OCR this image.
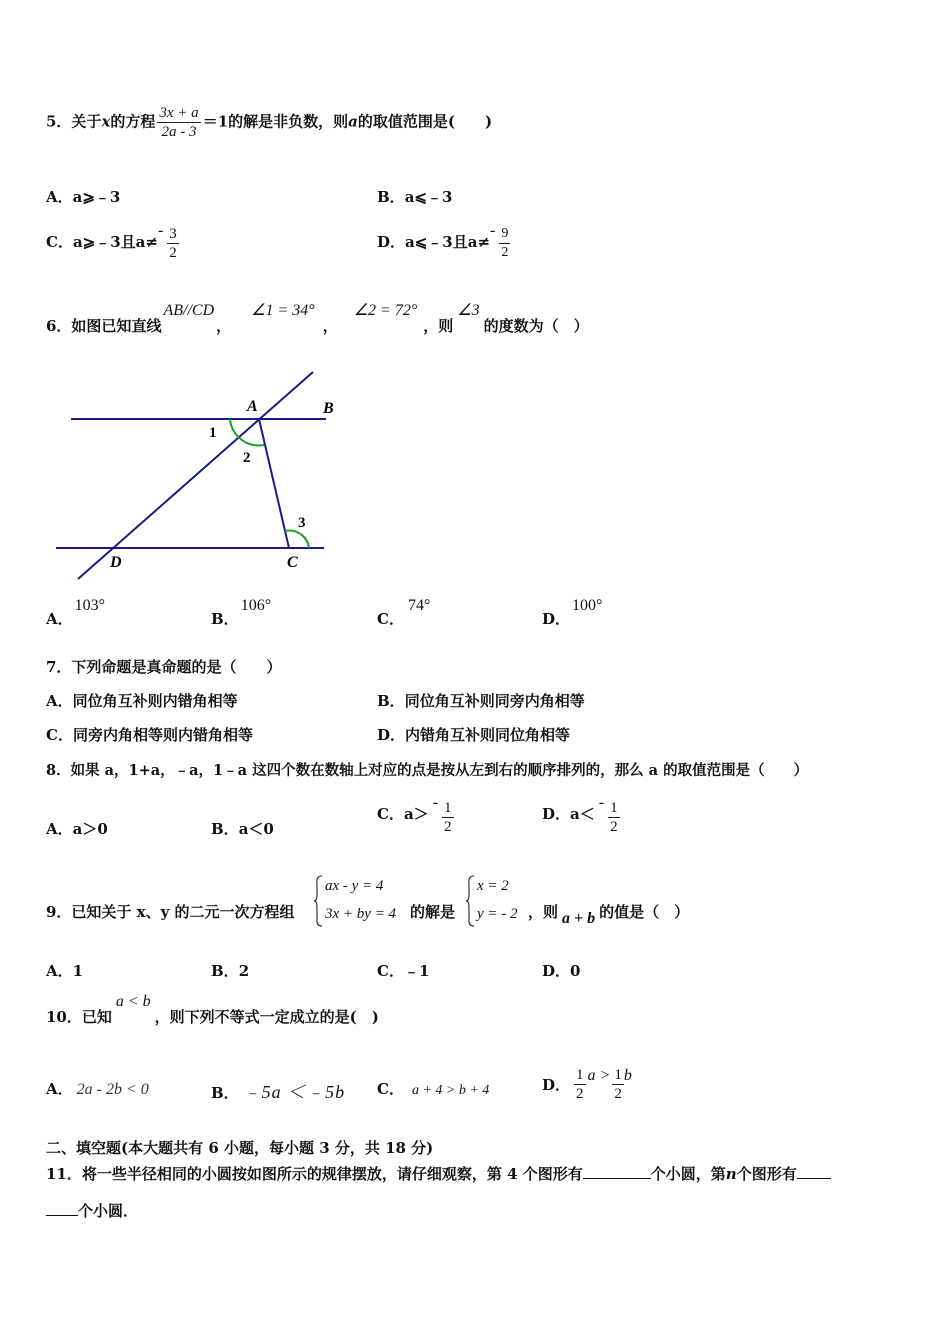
5．关于x的方程 $\frac{3x + a}{2a - 3} =1$的解是非负数，则a的取值范围是(　　)
A．a⩾﹣3	B．a⩽﹣3
C．a⩾﹣3且$a\ne- \frac{3}{2}$	D．a⩽﹣3且$a\ne- \frac{9}{2}$
6．如图已知直线AB//CD，∠1 = 34°，∠2 = 72°，则∠3的度数为（　）
A	B
C
D
1
2
3
A．103°
B．106°
C．74°
D．100°
7．下列命题是真命题的是（　　）
A．同位角互补则内错角相等	B．同位角互补则同旁内角相等
C．同旁内角相等则内错角相等	D．内错角互补则同位角相等
8．如果 a，1+a，﹣a，1﹣a 这四个数在数轴上对应的点是按从左到右的顺序排列的，那么 a 的取值范围是（　　）
A．a＞0	B．a＜0
C．$a>- \frac{1}{2}$	D．$a<- \frac{1}{2}$
9．已知关于 x、y 的二元一次方程组
ax - y = 4
3x + by = 4 的解是
x = 2
y = - 2 ，则 a + b 的值是（　）
A．1	B．2	C．﹣1	D．0
10．已知a < b，则下列不等式一定成立的是(　)
A． 2a - 2b < 0	B． ﹣5a ＜﹣5b C． a + 4 > b + 4	D． $\frac{1}{2}$ $a > \frac{1}{2}$ b
二、填空题(本大题共有 6 小题，每小题 3 分，共 18 分)
11．将一些半径相同的小圆按如图所示的规律摆放，请仔细观察，第 4 个图形有	个小圆，第n个图形有
个小圆．
